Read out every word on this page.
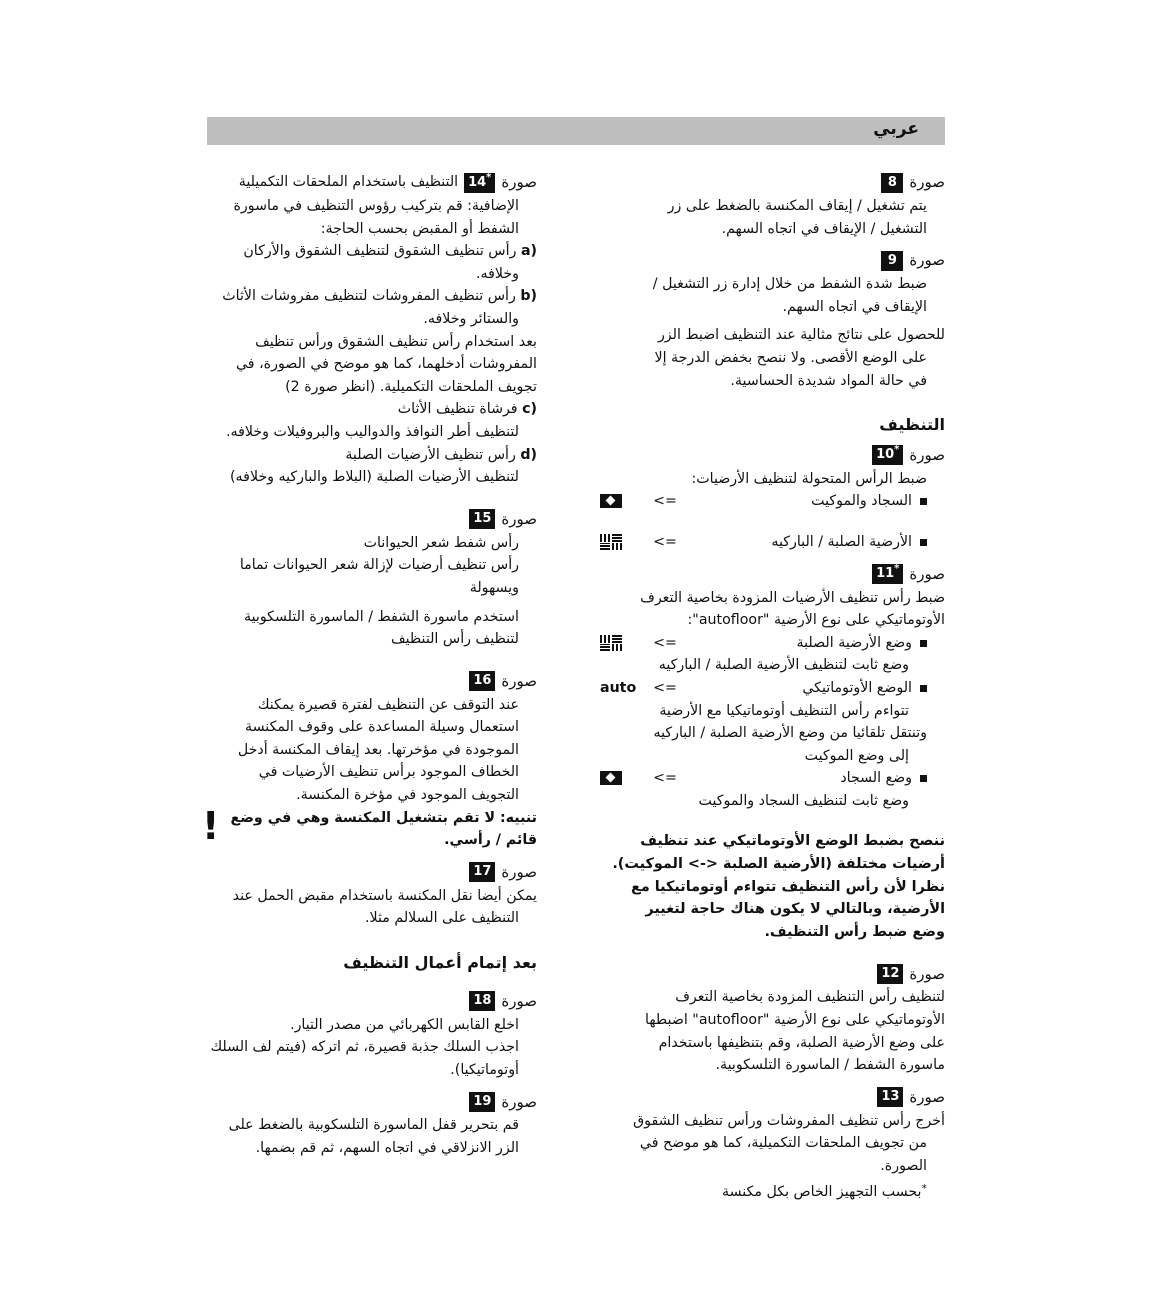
عربي
صورة
8
يتم تشغيل / إيقاف المكنسة بالضغط على زر
التشغيل / الإيقاف في اتجاه السهم.
صورة
9
ضبط شدة الشفط من خلال إدارة زر التشغيل /
الإيقاف في اتجاه السهم.
للحصول على نتائج مثالية عند التنظيف اضبط الزر
على الوضع الأقصى. ولا ننصح بخفض الدرجة إلا
في حالة المواد شديدة الحساسية.
التنظيف
صورة
10*
ضبط الرأس المتحولة لتنظيف الأرضيات:
السجاد والموكيت
<=
الأرضية الصلبة / الباركيه
<=
صورة
11*
ضبط رأس تنظيف الأرضيات المزودة بخاصية التعرف
الأوتوماتيكي على نوع الأرضية "autofloor":
وضع الأرضية الصلبة
<=
وضع ثابت لتنظيف الأرضية الصلبة / الباركيه
الوضع الأوتوماتيكي
<=
auto
تتواءم رأس التنظيف أوتوماتيكيا مع الأرضية
وتنتقل تلقائيا من وضع الأرضية الصلبة / الباركيه
إلى وضع الموكيت
وضع السجاد
<=
وضع ثابت لتنظيف السجاد والموكيت
ننصح بضبط الوضع الأوتوماتيكي عند تنظيف
أرضيات مختلفة (الأرضية الصلبة <-> الموكيت).
نظرا لأن رأس التنظيف تتواءم أوتوماتيكيا مع
الأرضية، وبالتالي لا يكون هناك حاجة لتغيير
وضع ضبط رأس التنظيف.
صورة
12
لتنظيف رأس التنظيف المزودة بخاصية التعرف
الأوتوماتيكي على نوع الأرضية "autofloor" اضبطها
على وضع الأرضية الصلبة، وقم بتنظيفها باستخدام
ماسورة الشفط / الماسورة التلسكوبية.
صورة
13
أخرج رأس تنظيف المفروشات ورأس تنظيف الشقوق
من تجويف الملحقات التكميلية، كما هو موضح في
الصورة.
*بحسب التجهيز الخاص بكل مكنسة
صورة
14*
التنظيف باستخدام الملحقات التكميلية
الإضافية: قم بتركيب رؤوس التنظيف في ماسورة
الشفط أو المقبض بحسب الحاجة:
a) رأس تنظيف الشقوق لتنظيف الشقوق والأركان
وخلافه.
b) رأس تنظيف المفروشات لتنظيف مفروشات الأثاث
والستائر وخلافه.
بعد استخدام رأس تنظيف الشقوق ورأس تنظيف
المفروشات أدخلهما، كما هو موضح في الصورة، في
تجويف الملحقات التكميلية. (انظر صورة 2)
c) فرشاة تنظيف الأثاث
لتنظيف أطر النوافذ والدواليب والبروفيلات وخلافه.
d) رأس تنظيف الأرضيات الصلبة
لتنظيف الأرضيات الصلبة (البلاط والباركيه وخلافه)
صورة
15
رأس شفط شعر الحيوانات
رأس تنظيف أرضيات لإزالة شعر الحيوانات تماما
ويسهولة
استخدم ماسورة الشفط / الماسورة التلسكوبية
لتنظيف رأس التنظيف
صورة
16
عند التوقف عن التنظيف لفترة قصيرة يمكنك
استعمال وسيلة المساعدة على وقوف المكنسة
الموجودة في مؤخرتها. بعد إيقاف المكنسة أدخل
الخطاف الموجود برأس تنظيف الأرضيات في
التجويف الموجود في مؤخرة المكنسة.
تنبيه: لا تقم بتشغيل المكنسة وهي في وضع
قائم / رأسي.
!
صورة
17
يمكن أيضا نقل المكنسة باستخدام مقبض الحمل عند
التنظيف على السلالم مثلا.
بعد إتمام أعمال التنظيف
صورة
18
اخلع القابس الكهربائي من مصدر التيار.
اجذب السلك جذبة قصيرة، ثم اتركه (فيتم لف السلك
أوتوماتيكيا).
صورة
19
قم بتحرير قفل الماسورة التلسكوبية بالضغط على
الزر الانزلاقي في اتجاه السهم، ثم قم بضمها.
